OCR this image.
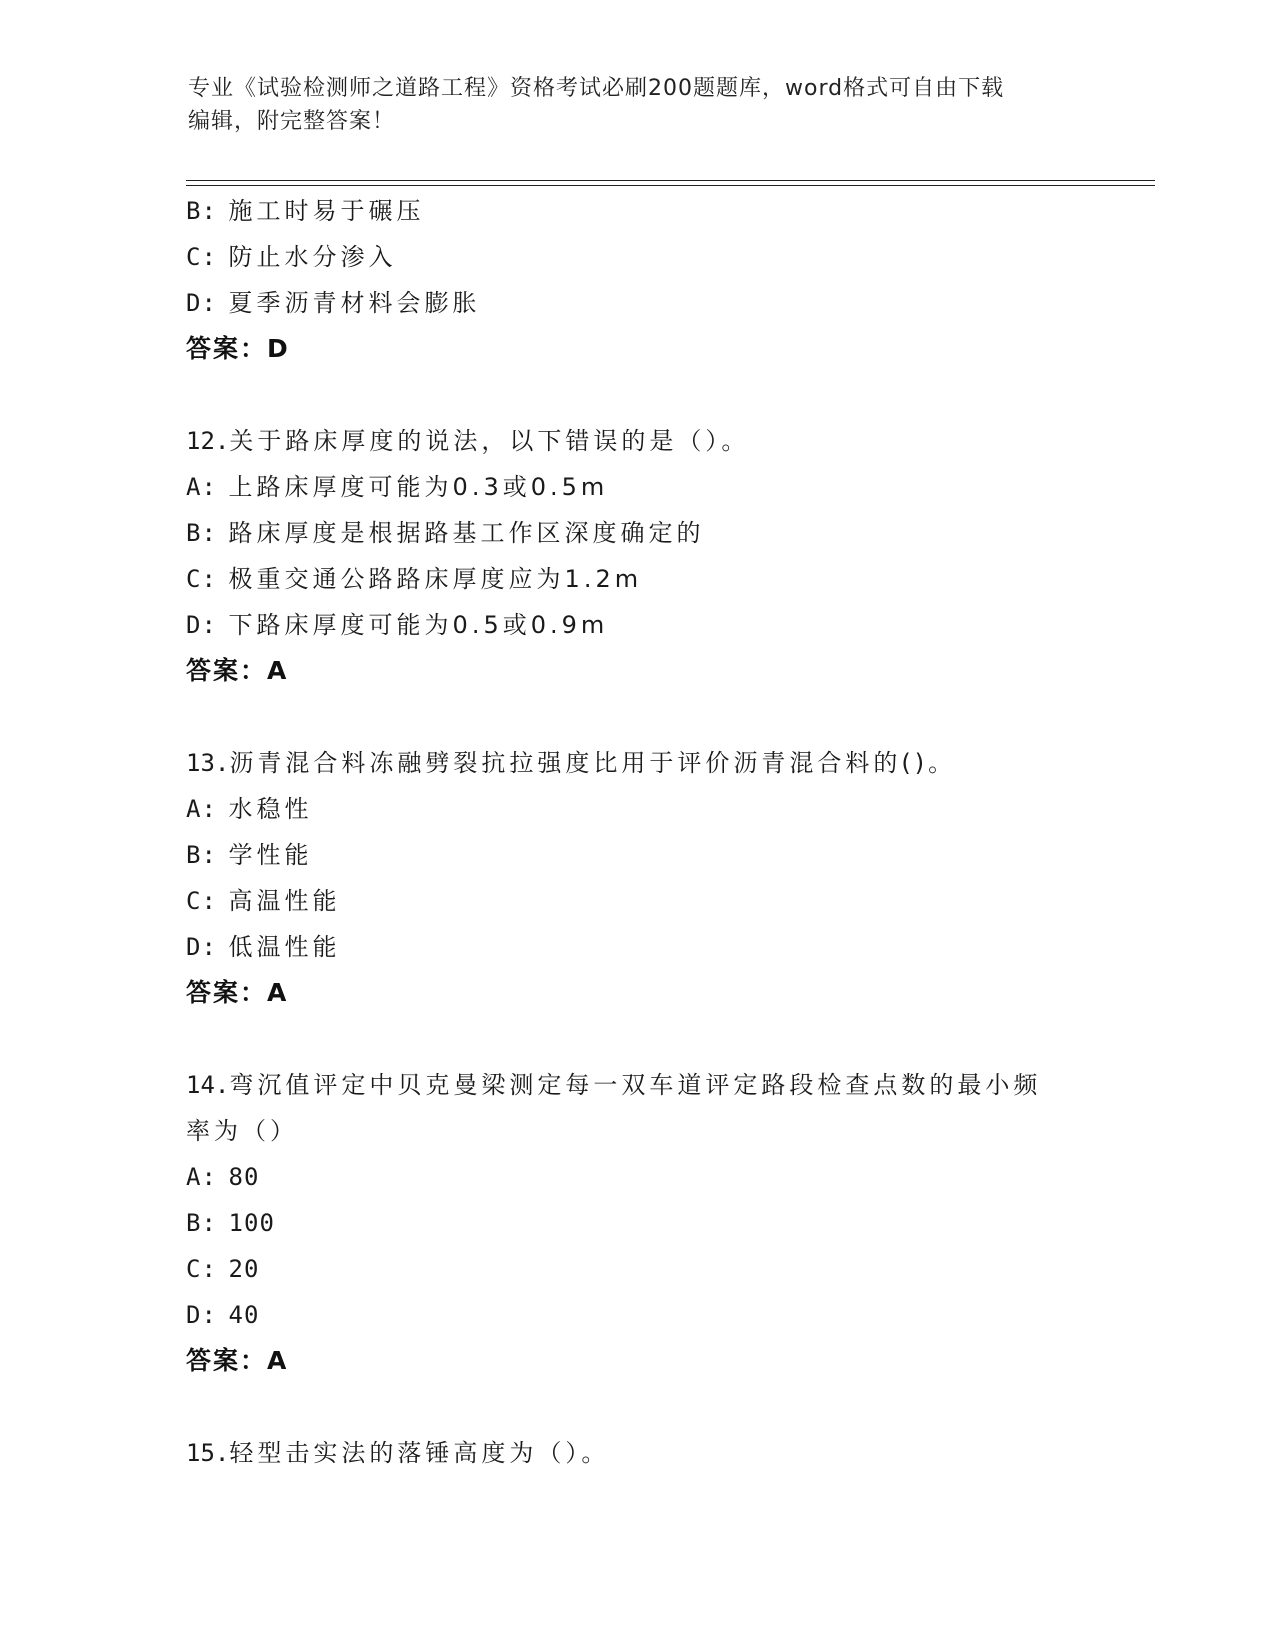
专业《试验检测师之道路工程》资格考试必刷200题题库，word格式可自由下载
编辑，附完整答案！
B: 施工时易于碾压
C: 防止水分渗入
D: 夏季沥青材料会膨胀
答案：D
12.关于路床厚度的说法，以下错误的是（）。
A: 上路床厚度可能为0.3或0.5m
B: 路床厚度是根据路基工作区深度确定的
C: 极重交通公路路床厚度应为1.2m
D: 下路床厚度可能为0.5或0.9m
答案：A
13.沥青混合料冻融劈裂抗拉强度比用于评价沥青混合料的()。
A: 水稳性
B: 学性能
C: 高温性能
D: 低温性能
答案：A
14.弯沉值评定中贝克曼梁测定每一双车道评定路段检查点数的最小频
率为（）
A: 80
B: 100
C: 20
D: 40
答案：A
15.轻型击实法的落锤高度为（）。
